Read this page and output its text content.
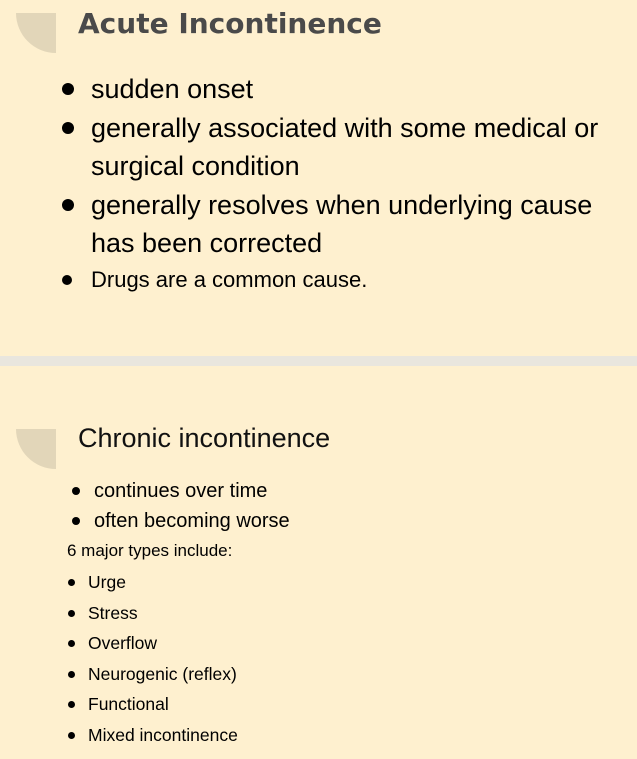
Acute Incontinence
sudden onset
generally associated with some medical or surgical condition
generally resolves when underlying cause has been corrected
Drugs are a common cause.
Chronic incontinence
continues over time
often becoming worse

6 major types include:

Urge
Stress
Overflow
Neurogenic (reflex)
Functional
Mixed incontinence
